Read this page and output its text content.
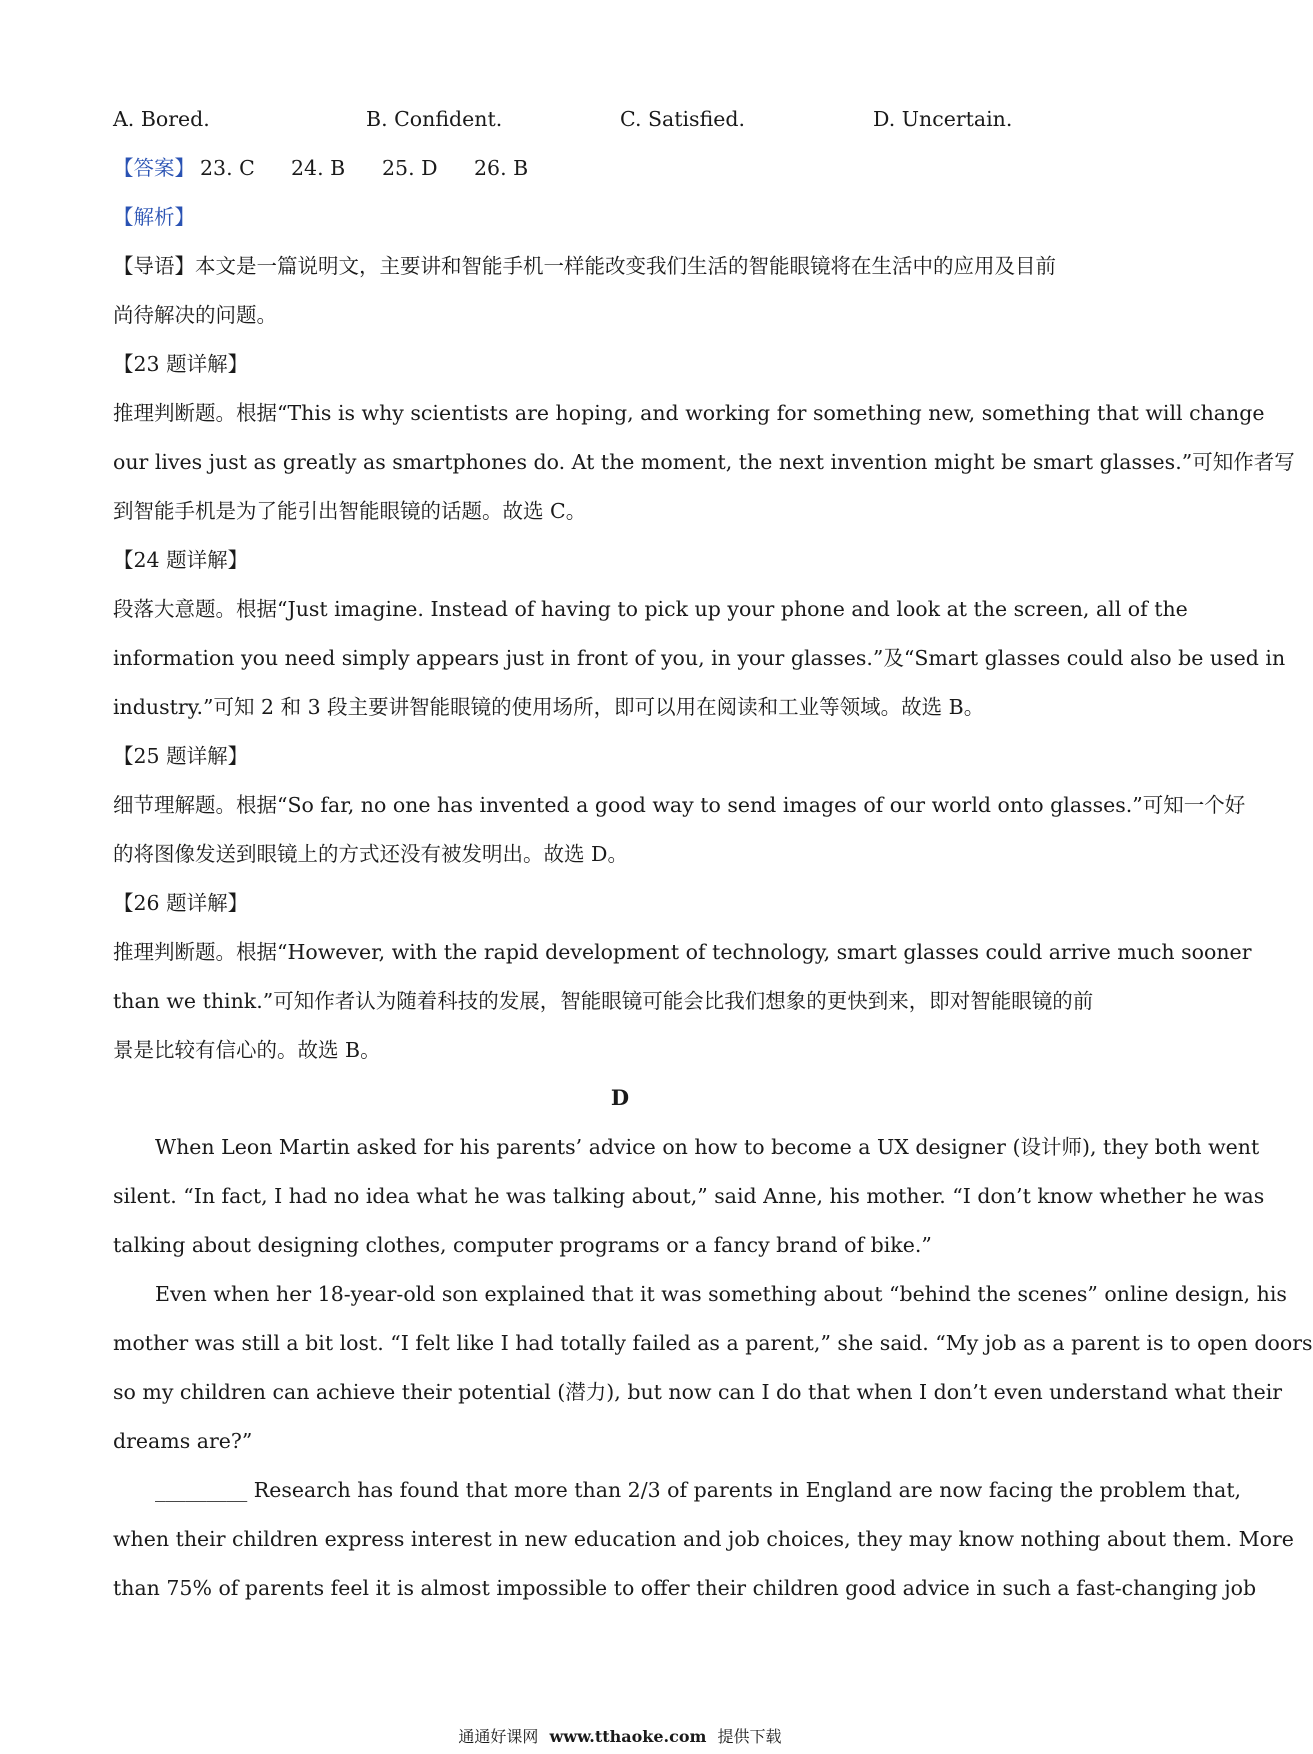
A. Bored.	B. Confident.	C. Satisfied.	D. Uncertain.
【答案】 23. C 24. B 25. D 26. B
【解析】
【导语】本文是一篇说明文，主要讲和智能手机一样能改变我们生活的智能眼镜将在生活中的应用及目前
尚待解决的问题。
【23 题详解】
推理判断题。根据“This is why scientists are hoping, and working for something new, something that will change
our lives just as greatly as smartphones do. At the moment, the next invention might be smart glasses.”可知作者写
到智能手机是为了能引出智能眼镜的话题。故选 C。
【24 题详解】
段落大意题。根据“Just imagine. Instead of having to pick up your phone and look at the screen, all of the
information you need simply appears just in front of you, in your glasses.”及“Smart glasses could also be used in
industry.”可知 2 和 3 段主要讲智能眼镜的使用场所，即可以用在阅读和工业等领域。故选 B。
【25 题详解】
细节理解题。根据“So far, no one has invented a good way to send images of our world onto glasses.”可知一个好
的将图像发送到眼镜上的方式还没有被发明出。故选 D。
【26 题详解】
推理判断题。根据“However, with the rapid development of technology, smart glasses could arrive much sooner
than we think.”可知作者认为随着科技的发展，智能眼镜可能会比我们想象的更快到来，即对智能眼镜的前
景是比较有信心的。故选 B。
D
When Leon Martin asked for his parents’ advice on how to become a UX designer (设计师), they both went
silent. “In fact, I had no idea what he was talking about,” said Anne, his mother. “I don’t know whether he was
talking about designing clothes, computer programs or a fancy brand of bike.”
Even when her 18-year-old son explained that it was something about “behind the scenes” online design, his
mother was still a bit lost. “I felt like I had totally failed as a parent,” she said. “My job as a parent is to open doors
so my children can achieve their potential (潜力), but now can I do that when I don’t even understand what their
dreams are?”
_________ Research has found that more than 2/3 of parents in England are now facing the problem that,
when their children express interest in new education and job choices, they may know nothing about them. More
than 75% of parents feel it is almost impossible to offer their children good advice in such a fast-changing job
通通好课网 www.tthaoke.com 提供下载
